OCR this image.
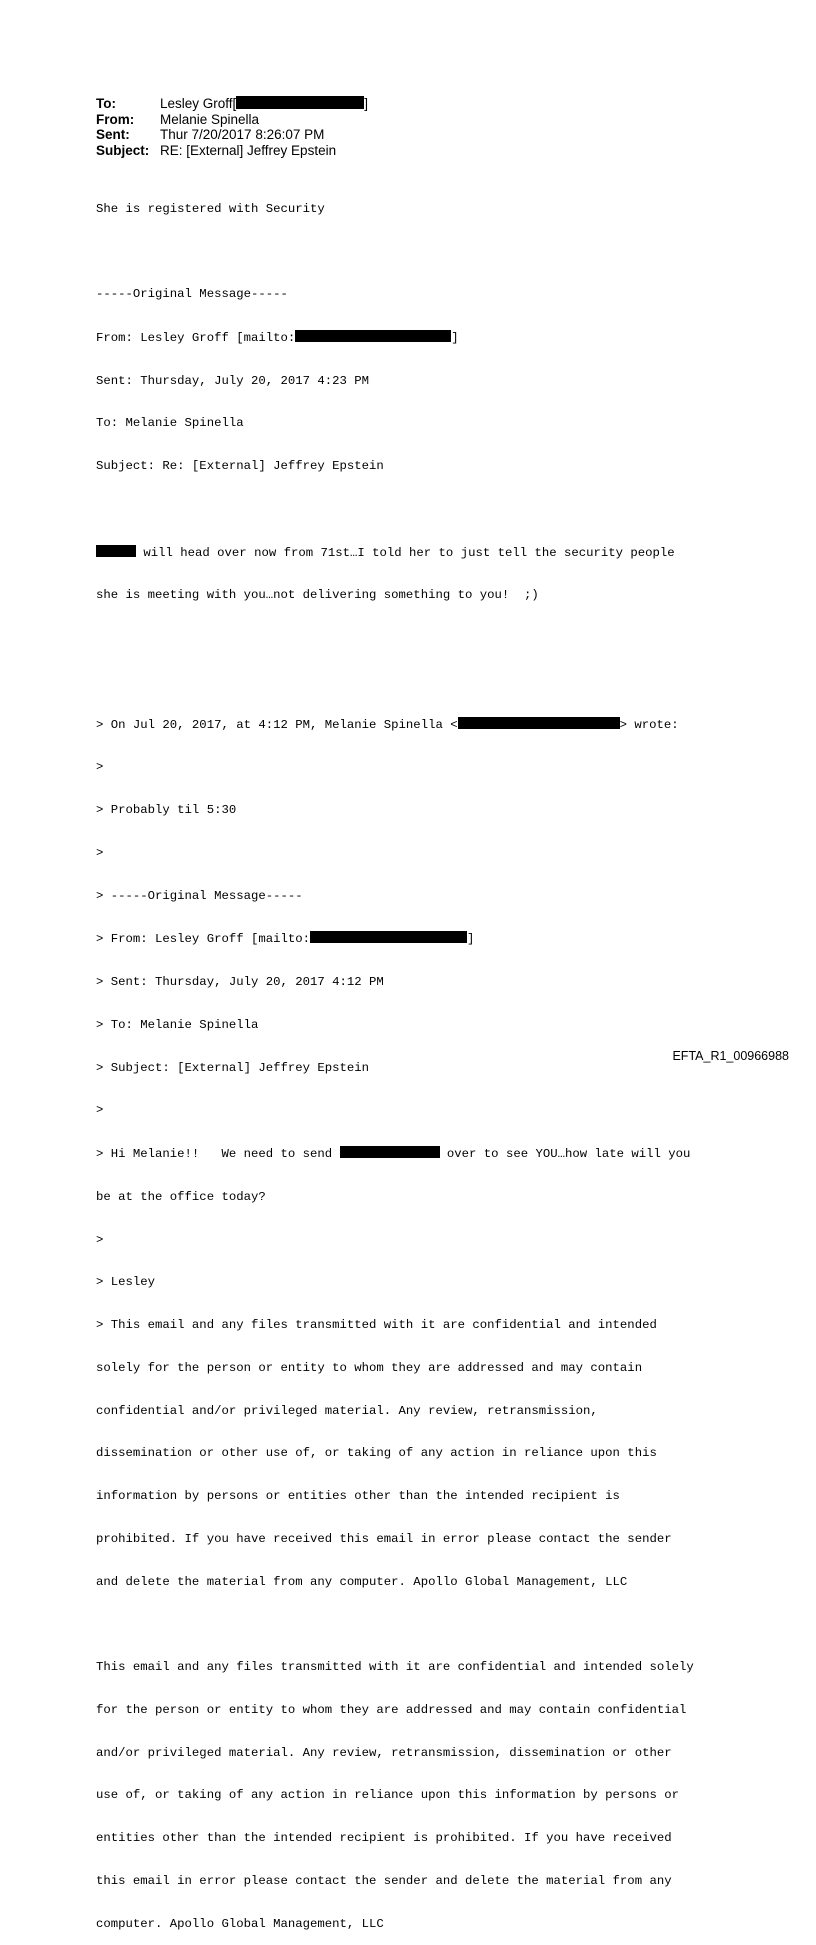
To:	Lesley Groff[	]
From:	Melanie Spinella
Sent:	Thur 7/20/2017 8:26:07 PM
Subject: RE: [External] Jeffrey Epstein

She is registered with Security

-----Original Message-----

From: Lesley Groff [mailto:	]

Sent: Thursday, July 20, 2017 4:23 PM

To: Melanie Spinella

Subject: Re: [External] Jeffrey Epstein

will head over now from 71st…I told her to just tell the security people

she is meeting with you…not delivering something to you!  ;)

> On Jul 20, 2017, at 4:12 PM, Melanie Spinella <	> wrote:

>

> Probably til 5:30

>

> -----Original Message-----

> From: Lesley Groff [mailto:	]

> Sent: Thursday, July 20, 2017 4:12 PM

> To: Melanie Spinella

> Subject: [External] Jeffrey Epstein

>

> Hi Melanie!!   We need to send	over to see YOU…how late will you

be at the office today?

>

> Lesley

> This email and any files transmitted with it are confidential and intended

solely for the person or entity to whom they are addressed and may contain

confidential and/or privileged material. Any review, retransmission,

dissemination or other use of, or taking of any action in reliance upon this

information by persons or entities other than the intended recipient is

prohibited. If you have received this email in error please contact the sender

and delete the material from any computer. Apollo Global Management, LLC

This email and any files transmitted with it are confidential and intended solely

for the person or entity to whom they are addressed and may contain confidential

and/or privileged material. Any review, retransmission, dissemination or other

use of, or taking of any action in reliance upon this information by persons or

entities other than the intended recipient is prohibited. If you have received

this email in error please contact the sender and delete the material from any

computer. Apollo Global Management, LLC

EFTA_R1_00966988
